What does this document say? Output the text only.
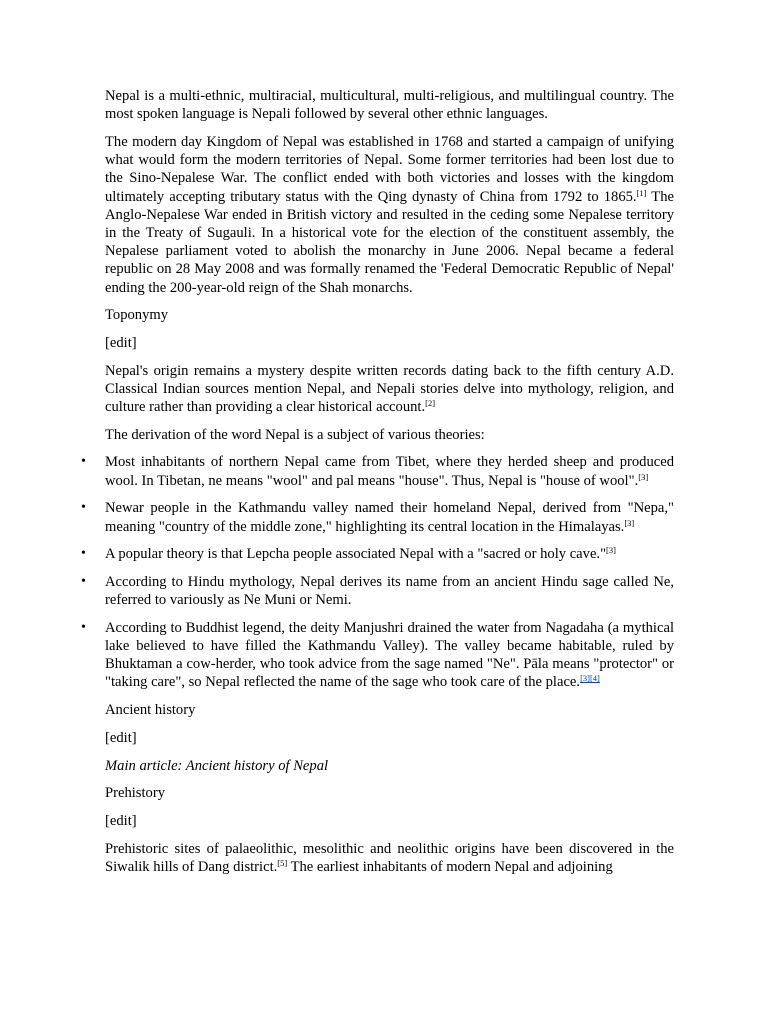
Nepal is a multi-ethnic, multiracial, multicultural, multi-religious, and multilingual country. The most spoken language is Nepali followed by several other ethnic languages.

The modern day Kingdom of Nepal was established in 1768 and started a campaign of unifying what would form the modern territories of Nepal. Some former territories had been lost due to the Sino-Nepalese War. The conflict ended with both victories and losses with the kingdom ultimately accepting tributary status with the Qing dynasty of China from 1792 to 1865.[1] The Anglo-Nepalese War ended in British victory and resulted in the ceding some Nepalese territory in the Treaty of Sugauli. In a historical vote for the election of the constituent assembly, the Nepalese parliament voted to abolish the monarchy in June 2006. Nepal became a federal republic on 28 May 2008 and was formally renamed the 'Federal Democratic Republic of Nepal' ending the 200-year-old reign of the Shah monarchs.

Toponymy

[edit]

Nepal's origin remains a mystery despite written records dating back to the fifth century A.D. Classical Indian sources mention Nepal, and Nepali stories delve into mythology, religion, and culture rather than providing a clear historical account.[2]

The derivation of the word Nepal is a subject of various theories:

• Most inhabitants of northern Nepal came from Tibet, where they herded sheep and produced wool. In Tibetan, ne means "wool" and pal means "house". Thus, Nepal is "house of wool".[3]
• Newar people in the Kathmandu valley named their homeland Nepal, derived from "Nepa," meaning "country of the middle zone," highlighting its central location in the Himalayas.[3]
• A popular theory is that Lepcha people associated Nepal with a "sacred or holy cave."[3]
• According to Hindu mythology, Nepal derives its name from an ancient Hindu sage called Ne, referred to variously as Ne Muni or Nemi.
• According to Buddhist legend, the deity Manjushri drained the water from Nagadaha (a mythical lake believed to have filled the Kathmandu Valley). The valley became habitable, ruled by Bhuktaman a cow-herder, who took advice from the sage named "Ne". Pāla means "protector" or "taking care", so Nepal reflected the name of the sage who took care of the place.[3][4]

Ancient history

[edit]

Main article: Ancient history of Nepal

Prehistory

[edit]

Prehistoric sites of palaeolithic, mesolithic and neolithic origins have been discovered in the Siwalik hills of Dang district.[5] The earliest inhabitants of modern Nepal and adjoining
